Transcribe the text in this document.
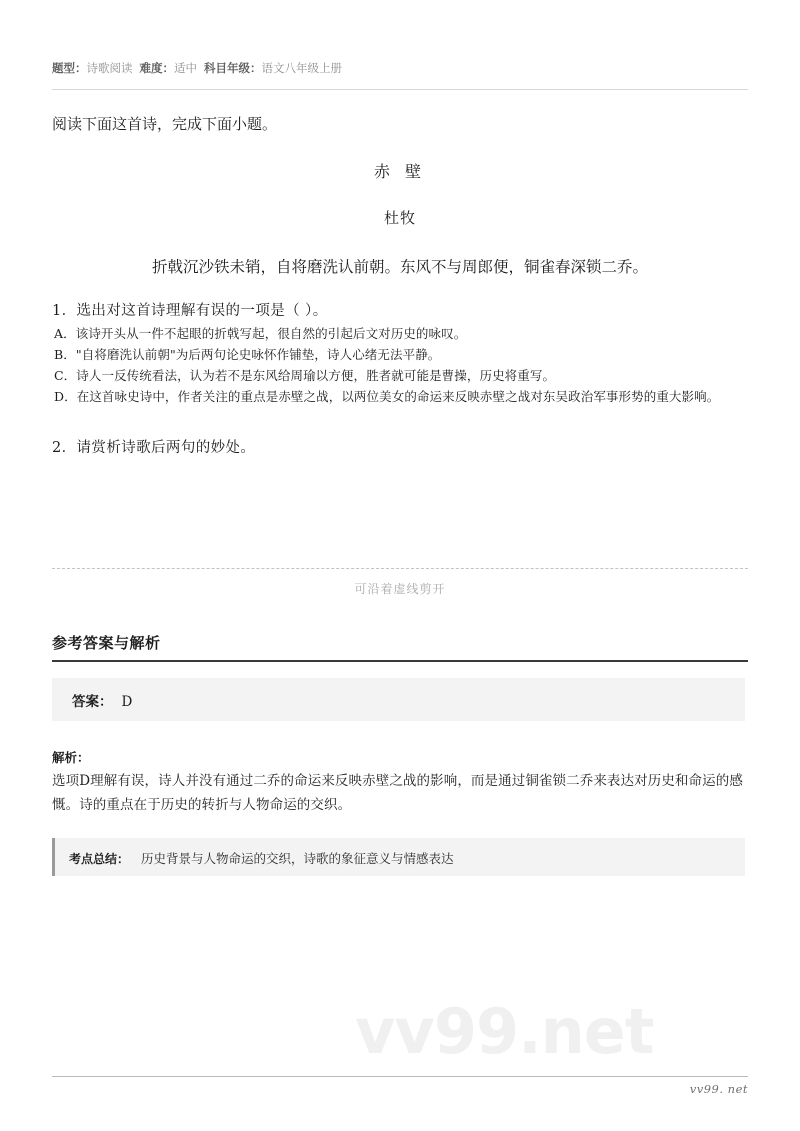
vv99.net
题型：诗歌阅读 难度：适中 科目年级：语文八年级上册
阅读下面这首诗，完成下面小题。
赤 壁
杜牧
折戟沉沙铁未销，自将磨洗认前朝。东风不与周郎便，铜雀春深锁二乔。
1．选出对这首诗理解有误的一项是（ ）。
A．该诗开头从一件不起眼的折戟写起，很自然的引起后文对历史的咏叹。
B．"自将磨洗认前朝"为后两句论史咏怀作铺垫，诗人心绪无法平静。
C．诗人一反传统看法，认为若不是东风给周瑜以方便，胜者就可能是曹操，历史将重写。
D．在这首咏史诗中，作者关注的重点是赤壁之战，以两位美女的命运来反映赤壁之战对东吴政治军事形势的重大影响。
2．请赏析诗歌后两句的妙处。
可沿着虚线剪开
参考答案与解析
答案： D
解析：
选项D理解有误，诗人并没有通过二乔的命运来反映赤壁之战的影响，而是通过铜雀锁二乔来表达对历史和命运的感慨。诗的重点在于历史的转折与人物命运的交织。
考点总结： 历史背景与人物命运的交织，诗歌的象征意义与情感表达
vv99. net
